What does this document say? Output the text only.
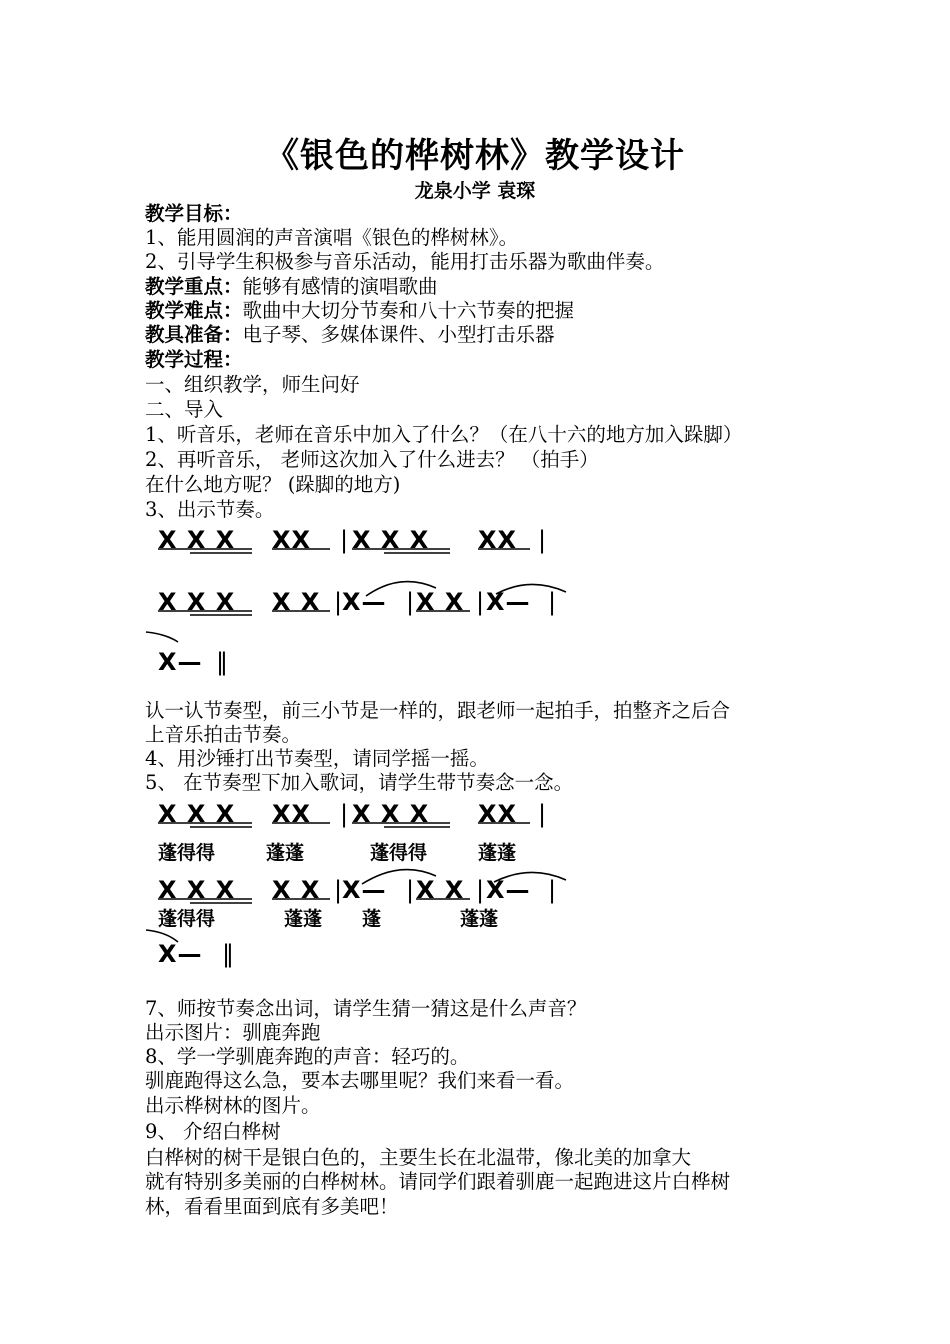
《银色的桦树林》教学设计
龙泉小学 袁琛
教学目标：
1、能用圆润的声音演唱《银色的桦树林》。
2、引导学生积极参与音乐活动，能用打击乐器为歌曲伴奏。
教学重点：能够有感情的演唱歌曲
教学难点：歌曲中大切分节奏和八十六节奏的把握
教具准备：电子琴、多媒体课件、小型打击乐器
教学过程：
一、组织教学，师生问好
二、导入
1、听音乐，老师在音乐中加入了什么？（在八十六的地方加入跺脚）
2、再听音乐， 老师这次加入了什么进去？ （拍手）
在什么地方呢？ (跺脚的地方)
3、出示节奏。
X X X XX | X X X XX |
X X X X X |
X— | X X | X— |
X— ‖
认一认节奏型，前三小节是一样的，跟老师一起拍手，拍整齐之后合
上音乐拍击节奏。
4、用沙锤打出节奏型，请同学摇一摇。
5、 在节奏型下加入歌词，请学生带节奏念一念。
X X X XX | X X X XX |
蓬得得	蓬蓬	蓬得得	蓬蓬
X X X X X |
X— | X X | X— |
蓬得得	蓬蓬 蓬	蓬蓬
X— ‖
7、师按节奏念出词，请学生猜一猜这是什么声音？
出示图片：驯鹿奔跑
8、学一学驯鹿奔跑的声音：轻巧的。
驯鹿跑得这么急，要本去哪里呢？我们来看一看。
出示桦树林的图片。
9、 介绍白桦树
白桦树的树干是银白色的，主要生长在北温带，像北美的加拿大
就有特别多美丽的白桦树林。请同学们跟着驯鹿一起跑进这片白桦树
林，看看里面到底有多美吧！
